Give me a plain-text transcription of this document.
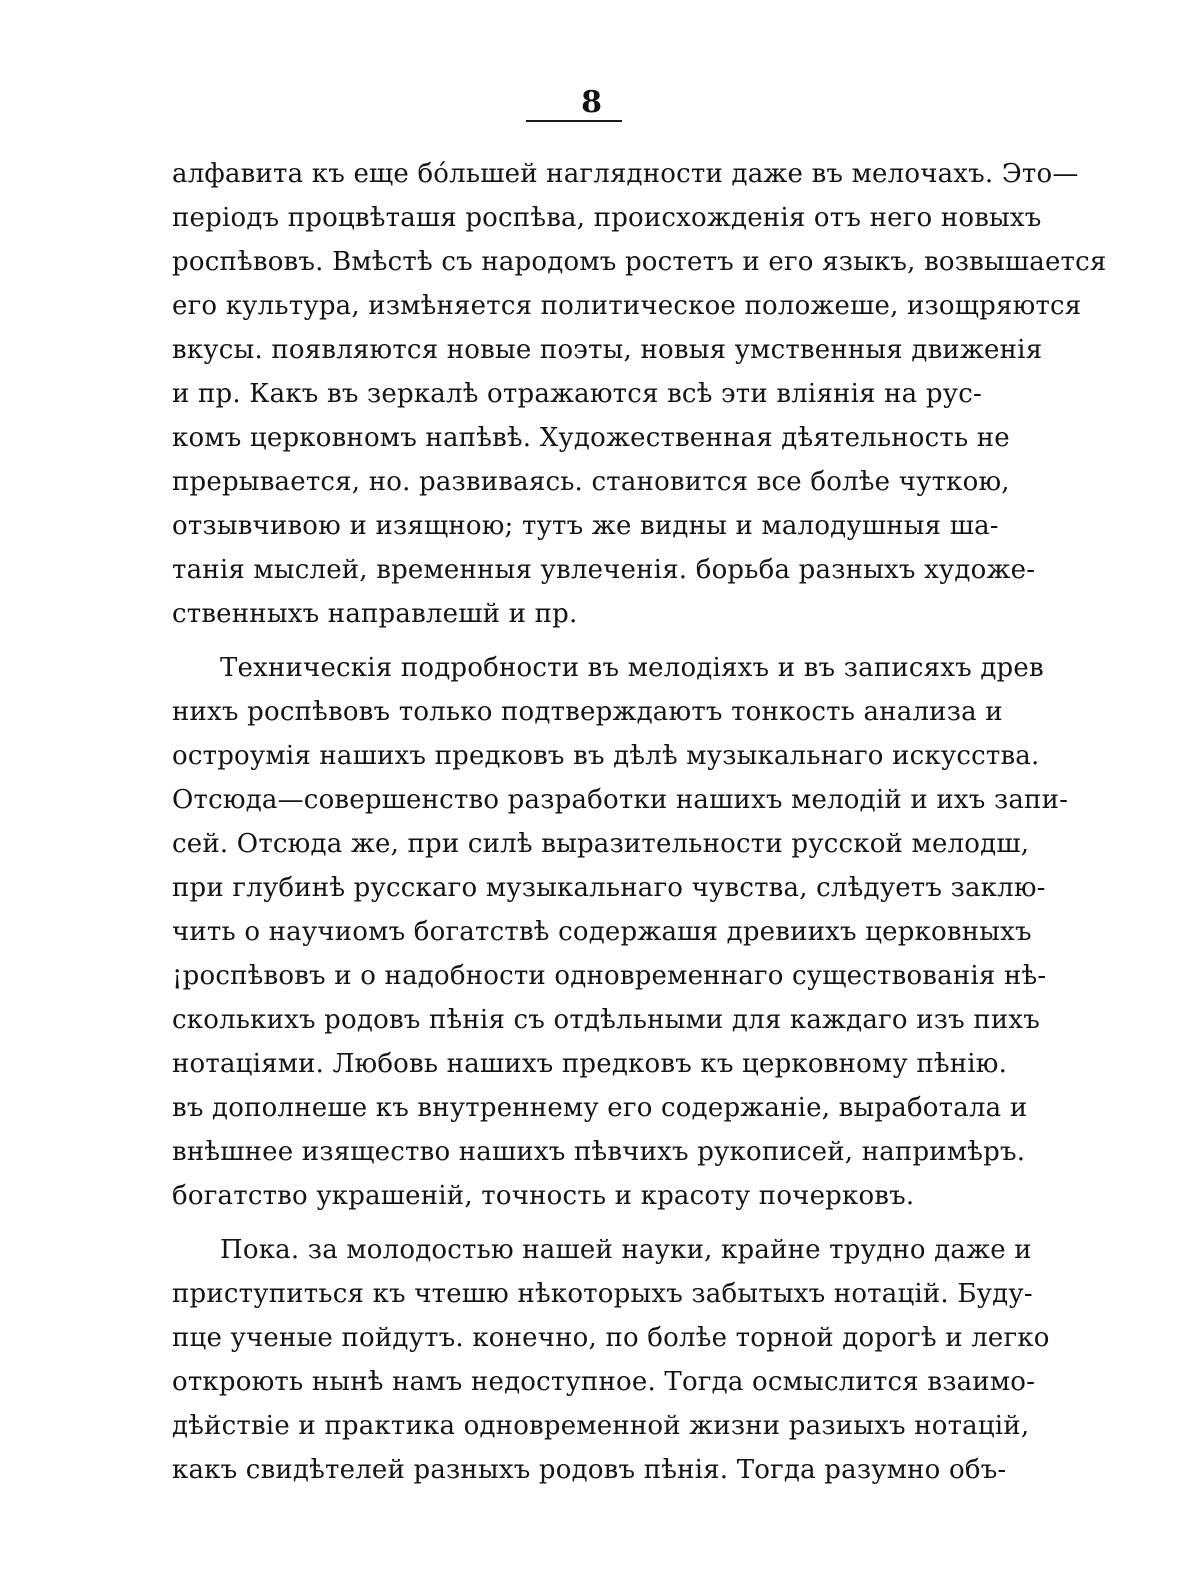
8
алфавита къ еще бо́льшей наглядности даже въ мелочахъ. Это—
перiодъ процвѣташя роспѣва, происхожденiя отъ него новыхъ
роспѣвовъ. Вмѣстѣ съ народомъ ростетъ и его языкъ, возвышается
его культура, измѣняется политическое положеше, изощряются
вкусы. появляются новые поэты, новыя умственныя движенiя
и пр. Какъ въ зеркалѣ отражаются всѣ эти влiянiя на рус-
комъ церковномъ напѣвѣ. Художественная дѣятельность не
прерывается, но. развиваясь. становится все болѣе чуткою,
отзывчивою и изящною; тутъ же видны и малодушныя ша-
танiя мыслей, временныя увлеченiя. борьба разныхъ художе-
ственныхъ направлешй и пр.
Техническiя подробности въ мелодiяхъ и въ записяхъ древ
нихъ роспѣвовъ только подтверждаютъ тонкость анализа и
остроумiя нашихъ предковъ въ дѣлѣ музыкальнаго искусства.
Отсюда—совершенство разработки нашихъ мелодiй и ихъ запи-
сей. Отсюда же, при силѣ выразительности русской мелодш,
при глубинѣ русскаго музыкальнаго чувства, слѣдуетъ заклю-
чить о научиомъ богатствѣ содержашя древиихъ церковныхъ
¡роспѣвовъ и о надобности одновременнаго существованiя нѣ-
сколькихъ родовъ пѣнiя съ отдѣльными для каждаго изъ пихъ
нотацiями. Любовь нашихъ предковъ къ церковному пѣнiю.
въ дополнеше къ внутреннему его содержанiе, выработала и
внѣшнее изящество нашихъ пѣвчихъ рукописей, напримѣръ.
богатство украшенiй, точность и красоту почерковъ.
Пока. за молодостью нашей науки, крайне трудно даже и
приступиться къ чтешю нѣкоторыхъ забытыхъ нотацiй. Буду-
пце ученые пойдутъ. конечно, по болѣе торной дорогѣ и легко
откроють нынѣ намъ недоступное. Тогда осмыслится взаимо-
дѣйствiе и практика одновременной жизни разиыхъ нотацiй,
какъ свидѣтелей разныхъ родовъ пѣнiя. Тогда разумно объ-
